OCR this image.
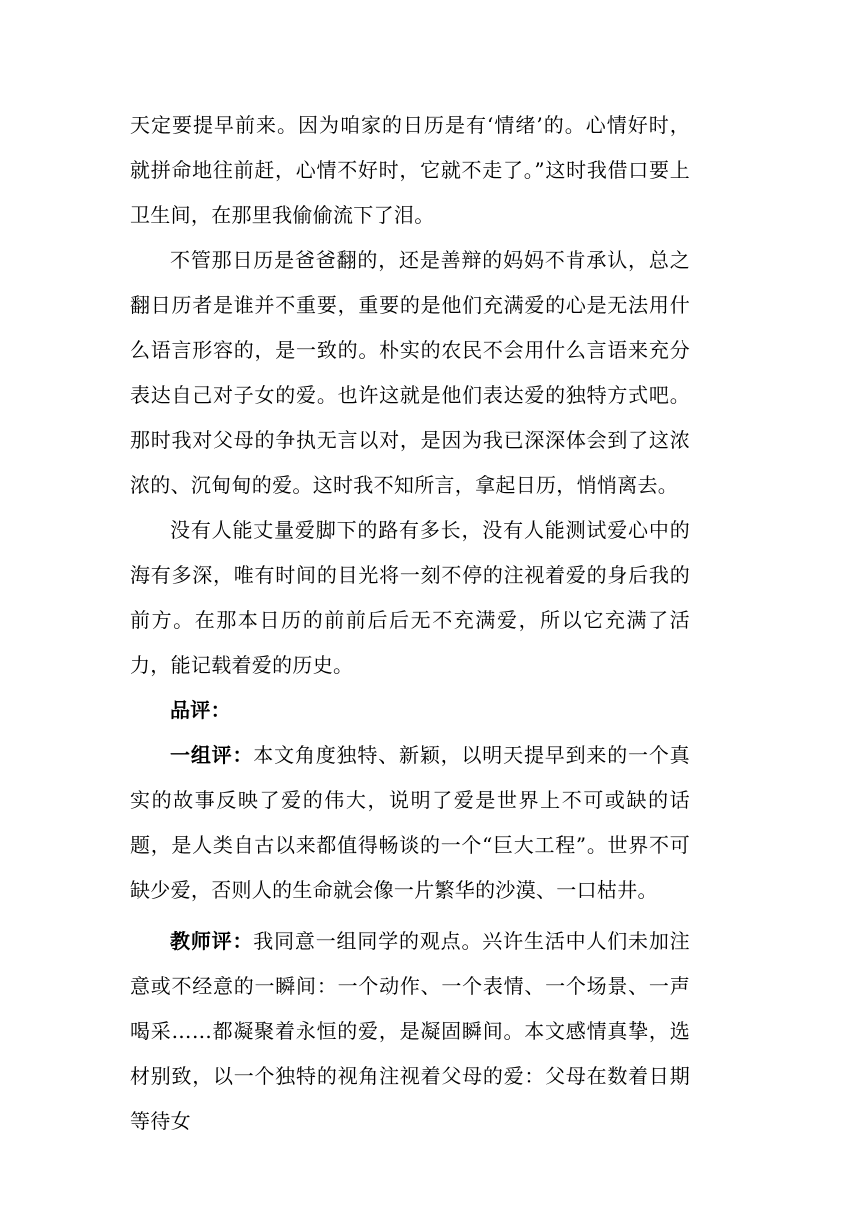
天定要提早前来。因为咱家的日历是有‘情绪’的。心情好时，就拼命地往前赶，心情不好时，它就不走了。”这时我借口要上卫生间，在那里我偷偷流下了泪。

不管那日历是爸爸翻的，还是善辩的妈妈不肯承认，总之翻日历者是谁并不重要，重要的是他们充满爱的心是无法用什么语言形容的，是一致的。朴实的农民不会用什么言语来充分表达自己对子女的爱。也许这就是他们表达爱的独特方式吧。那时我对父母的争执无言以对，是因为我已深深体会到了这浓浓的、沉甸甸的爱。这时我不知所言，拿起日历，悄悄离去。

没有人能丈量爱脚下的路有多长，没有人能测试爱心中的海有多深，唯有时间的目光将一刻不停的注视着爱的身后我的前方。在那本日历的前前后后无不充满爱，所以它充满了活力，能记载着爱的历史。

品评：

一组评：本文角度独特、新颖，以明天提早到来的一个真实的故事反映了爱的伟大，说明了爱是世界上不可或缺的话题，是人类自古以来都值得畅谈的一个“巨大工程”。世界不可缺少爱，否则人的生命就会像一片繁华的沙漠、一口枯井。

教师评：我同意一组同学的观点。兴许生活中人们未加注意或不经意的一瞬间：一个动作、一个表情、一个场景、一声喝采……都凝聚着永恒的爱，是凝固瞬间。本文感情真挚，选材别致，以一个独特的视角注视着父母的爱：父母在数着日期等待女
